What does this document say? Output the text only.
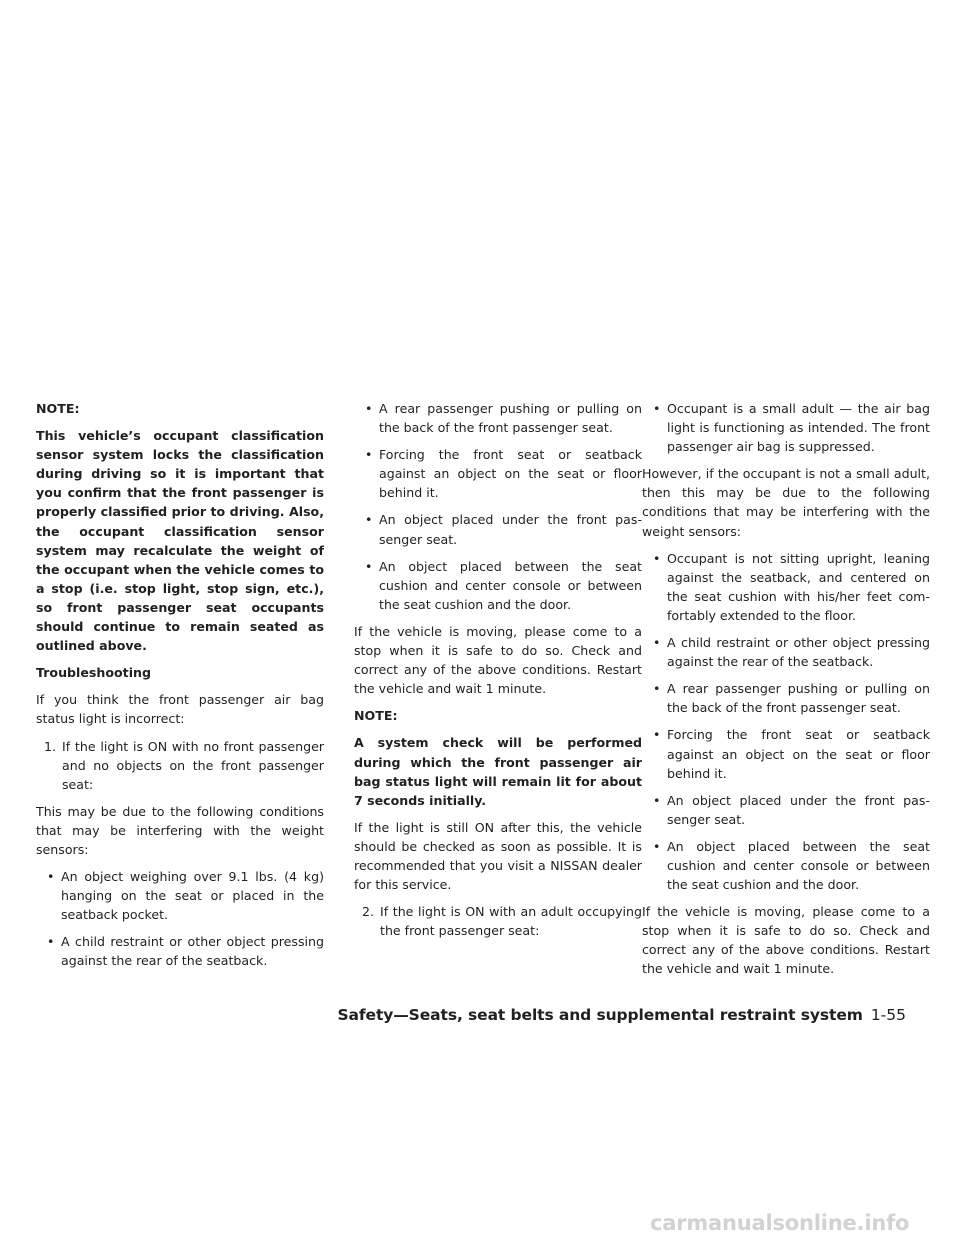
NOTE:

This vehicle’s occupant classification sensor system locks the classification during driving so it is important that you confirm that the front passenger is properly classified prior to driving. Also, the occupant classification sensor system may recalculate the weight of the occupant when the vehicle comes to a stop (i.e. stop light, stop sign, etc.), so front passenger seat occupants should continue to remain seated as outlined above.

Troubleshooting

If you think the front passenger air bag status light is incorrect:

1. If the light is ON with no front passenger and no objects on the front passenger seat:

This may be due to the following conditions that may be interfering with the weight sensors:

• An object weighing over 9.1 lbs. (4 kg) hanging on the seat or placed in the seatback pocket.
• A child restraint or other object pressing against the rear of the seatback.
• A rear passenger pushing or pulling on the back of the front passenger seat.
• Forcing the front seat or seatback against an object on the seat or floor behind it.
• An object placed under the front passenger seat.
• An object placed between the seat cushion and center console or between the seat cushion and the door.

If the vehicle is moving, please come to a stop when it is safe to do so. Check and correct any of the above conditions. Restart the vehicle and wait 1 minute.

NOTE:

A system check will be performed during which the front passenger air bag status light will remain lit for about 7 seconds initially.

If the light is still ON after this, the vehicle should be checked as soon as possible. It is recommended that you visit a NISSAN dealer for this service.

2. If the light is ON with an adult occupying the front passenger seat:
• Occupant is a small adult — the air bag light is functioning as intended. The front passenger air bag is suppressed.

However, if the occupant is not a small adult, then this may be due to the following conditions that may be interfering with the weight sensors:

• Occupant is not sitting upright, leaning against the seatback, and centered on the seat cushion with his/her feet comfortably extended to the floor.
• A child restraint or other object pressing against the rear of the seatback.
• A rear passenger pushing or pulling on the back of the front passenger seat.
• Forcing the front seat or seatback against an object on the seat or floor behind it.
• An object placed under the front passenger seat.
• An object placed between the seat cushion and center console or between the seat cushion and the door.

If the vehicle is moving, please come to a stop when it is safe to do so. Check and correct any of the above conditions. Restart the vehicle and wait 1 minute.

Safety—Seats, seat belts and supplemental restraint system 1-55
carmanualsonline.info
